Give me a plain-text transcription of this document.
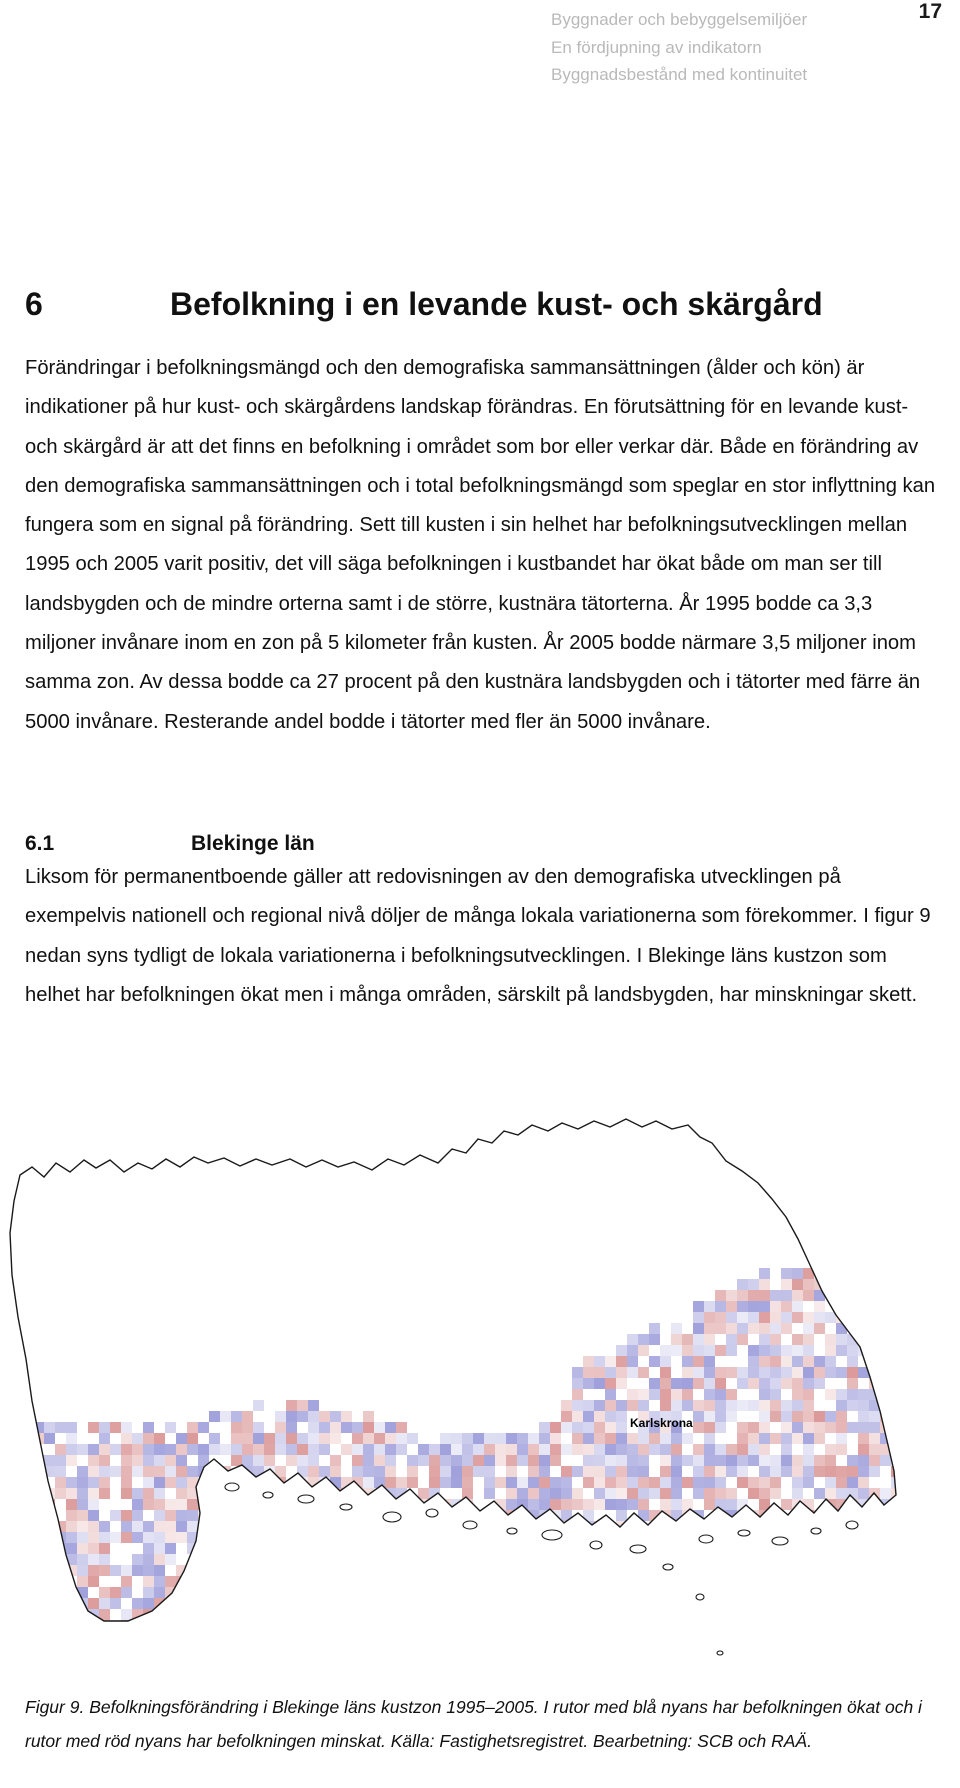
Byggnader och bebyggelsemiljöer
En fördjupning av indikatorn
Byggnadsbestånd med kontinuitet
17
6	Befolkning i en levande kust- och skärgård

Förändringar i befolkningsmängd och den demografiska sammansättningen (ålder och kön) är indikationer på hur kust- och skärgårdens landskap förändras. En förutsättning för en levande kust- och skärgård är att det finns en befolkning i området som bor eller verkar där. Både en förändring av den demografiska sammansättningen och i total befolkningsmängd som speglar en stor inflyttning kan fungera som en signal på förändring. Sett till kusten i sin helhet har befolkningsutvecklingen mellan 1995 och 2005 varit positiv, det vill säga befolkningen i kustbandet har ökat både om man ser till landsbygden och de mindre orterna samt i de större, kustnära tätorterna. År 1995 bodde ca 3,3 miljoner invånare inom en zon på 5 kilometer från kusten. År 2005 bodde närmare 3,5 miljoner inom samma zon. Av dessa bodde ca 27 procent på den kustnära landsbygden och i tätorter med färre än 5000 invånare. Resterande andel bodde i tätorter med fler än 5000 invånare.

6.1	Blekinge län

Liksom för permanentboende gäller att redovisningen av den demografiska utvecklingen på exempelvis nationell och regional nivå döljer de många lokala variationerna som förekommer. I figur 9 nedan syns tydligt de lokala variationerna i befolkningsutvecklingen. I Blekinge läns kustzon som helhet har befolkningen ökat men i många områden, särskilt på landsbygden, har minskningar skett.

Karlskrona

Figur 9. Befolkningsförändring i Blekinge läns kustzon 1995–2005. I rutor med blå nyans har befolkningen ökat och i rutor med röd nyans har befolkningen minskat. Källa: Fastighetsregistret. Bearbetning: SCB och RAÄ.
